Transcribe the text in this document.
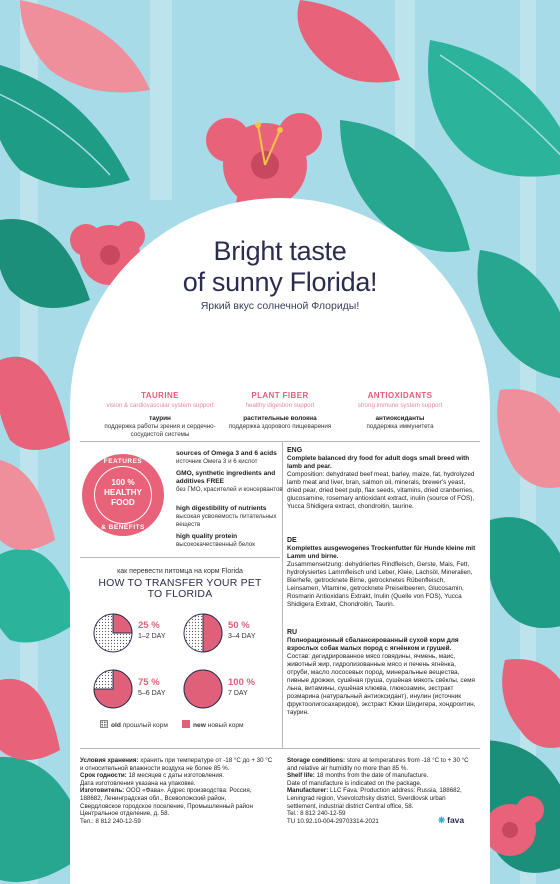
Bright taste
of sunny Florida!
Яркий вкус солнечной Флориды!
TAURINE
vision & cardiovascular system support
таурин
поддержка работы зрения и сердечно-сосудистой системы
PLANT FIBER
healthy digestion support
растительные волокна
поддержка здорового пищеварения
ANTIOXIDANTS
strong immune system support
антиоксиданты
поддержка иммунитета
FEATURES
100 %
HEALTHY
FOOD
& BENEFITS
sources of Omega 3 and 6 acids
источник Омега 3 и 6 кислот
GMO, synthetic ingredients and additives FREE
без ГМО, красителей и консервантов
high digestibility of nutrients
высокая усвояемость питательных веществ
high quality protein
высококачественный белок
ENG
Complete balanced dry food for adult dogs small breed with lamb and pear.
Composition: dehydrated beef meat, barley, maize, fat, hydrolyzed lamb meat and liver, bran, salmon oil, minerals, brewer's yeast, dried pear, dried beet pulp, flax seeds, vitamins, dried cranberries, glucosamine, rosemary antioxidant extract, inulin (source of FOS), Yucca Shidigera extract, chondroitin, taurine.
DE
Komplettes ausgewogenes Trockenfutter für Hunde kleine mit Lamm und birne.
Zusammensetzung: dehydriertes Rindfleisch, Gerste, Mais, Fett, hydrolysiertes Lammfleisch und Leber, Kleie, Lachsöl, Mineralien, Bierhefe, getrocknete Birne, getrocknetes Rübenfleisch, Leinsamen, Vitamine, getrocknete Preiselbeeren, Glucosamin, Rosmarin Antioxidans Extrakt, Inulin (Quelle von FOS), Yucca Shidigera Extrakt, Chondroitin, Taurin.
RU
Полнорационный сбалансированный сухой корм для взрослых собак малых пород с ягнёнком и грушей.
Состав: дегидрированное мясо говядины, ячмень, маис, животный жир, гидролизованные мясо и печень ягнёнка, отруби, масло лососевых пород, минеральные вещества, пивные дрожжи, сушёная груша, сушёная мякоть свёклы, семя льна, витамины, сушёная клюква, глюкозамин, экстракт розмарина (натуральный антиоксидант), инулин (источник фруктоолигосахаридов), экстракт Юкки Шидигера, хондроитин, таурин.
как перевести питомца на корм Florida
HOW TO TRANSFER YOUR PET
TO FLORIDA
25 %
1–2 DAY
50 %
3–4 DAY
75 %
5–6 DAY
100 %
7 DAY
old прошлый корм	new новый корм
Условия хранения: хранить при температуре от -18 °С до + 30 °С
и относительной влажности воздуха не более 85 %.
Срок годности: 18 месяцев с даты изготовления.
Дата изготовления указана на упаковке.
Изготовитель: ООО «Фава». Адрес производства: Россия,
188682, Ленинградская обл., Всеволожский район,
Свердловское городское поселение, Промышленный район
Центральное отделение, д. 58.
Тел.: 8 812 240-12-59
Storage conditions: store at temperatures from -18 °C to + 30 °C
and relative air humidity no more than 85 %.
Shelf life: 18 months from the date of manufacture.
Date of manufacture is indicated on the package.
Manufacturer: LLC Fava. Production address: Russia, 188682,
Leningrad region, Vsevolozhsky district, Sverdlovsk urban
settlement, industrial district Central office, 58.
Tel.: 8 812 240-12-59
TU 10.92.10-004-29703314-2021	❋ fava
